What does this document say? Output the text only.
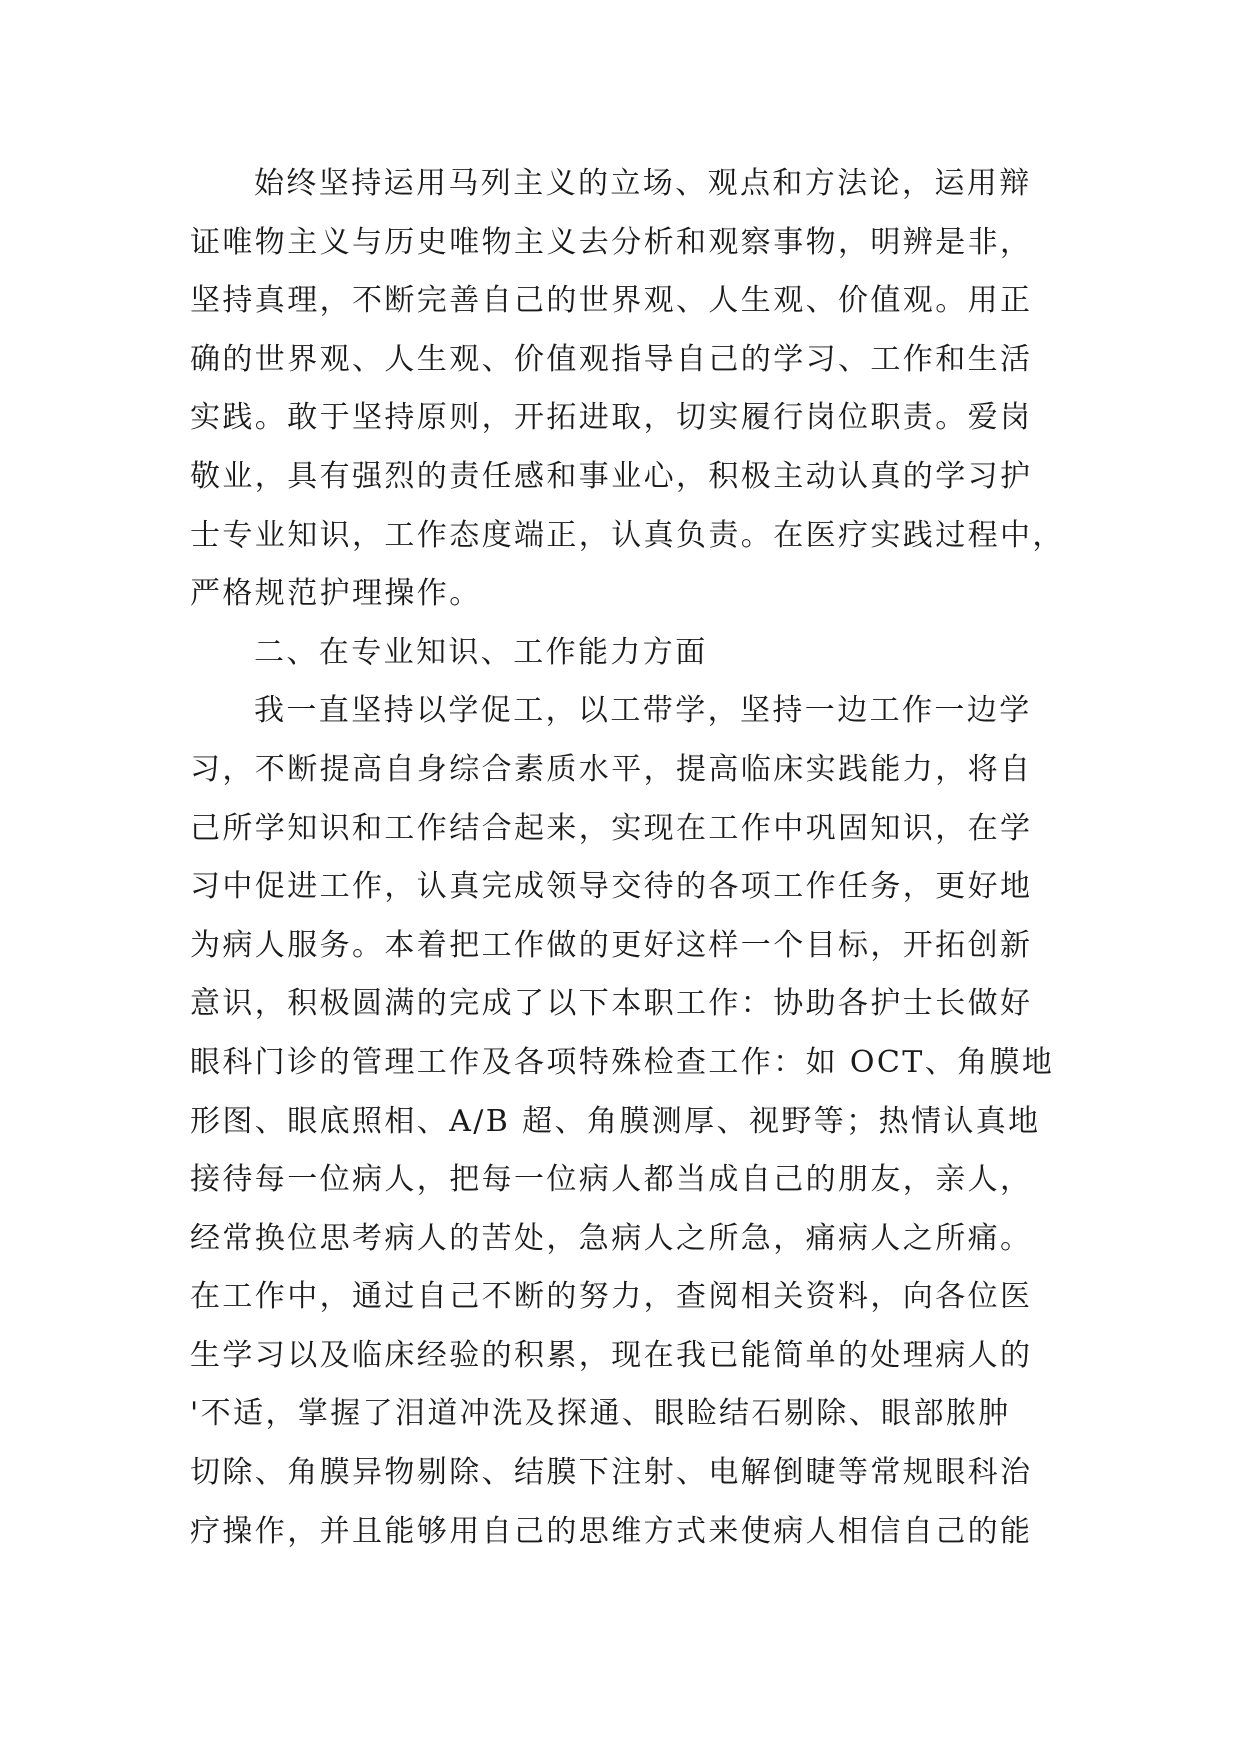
始终坚持运用马列主义的立场、观点和方法论，运用辩
证唯物主义与历史唯物主义去分析和观察事物，明辨是非，
坚持真理，不断完善自己的世界观、人生观、价值观。用正
确的世界观、人生观、价值观指导自己的学习、工作和生活
实践。敢于坚持原则，开拓进取，切实履行岗位职责。爱岗
敬业，具有强烈的责任感和事业心，积极主动认真的学习护
士专业知识，工作态度端正，认真负责。在医疗实践过程中，
严格规范护理操作。
二、在专业知识、工作能力方面
我一直坚持以学促工，以工带学，坚持一边工作一边学
习，不断提高自身综合素质水平，提高临床实践能力，将自
己所学知识和工作结合起来，实现在工作中巩固知识，在学
习中促进工作，认真完成领导交待的各项工作任务，更好地
为病人服务。本着把工作做的更好这样一个目标，开拓创新
意识，积极圆满的完成了以下本职工作：协助各护士长做好
眼科门诊的管理工作及各项特殊检查工作：如 OCT、角膜地
形图、眼底照相、A/B 超、角膜测厚、视野等；热情认真地
接待每一位病人，把每一位病人都当成自己的朋友，亲人，
经常换位思考病人的苦处，急病人之所急，痛病人之所痛。
在工作中，通过自己不断的努力，查阅相关资料，向各位医
生学习以及临床经验的积累，现在我已能简单的处理病人的
'不适，掌握了泪道冲洗及探通、眼睑结石剔除、眼部脓肿
切除、角膜异物剔除、结膜下注射、电解倒睫等常规眼科治
疗操作，并且能够用自己的思维方式来使病人相信自己的能
